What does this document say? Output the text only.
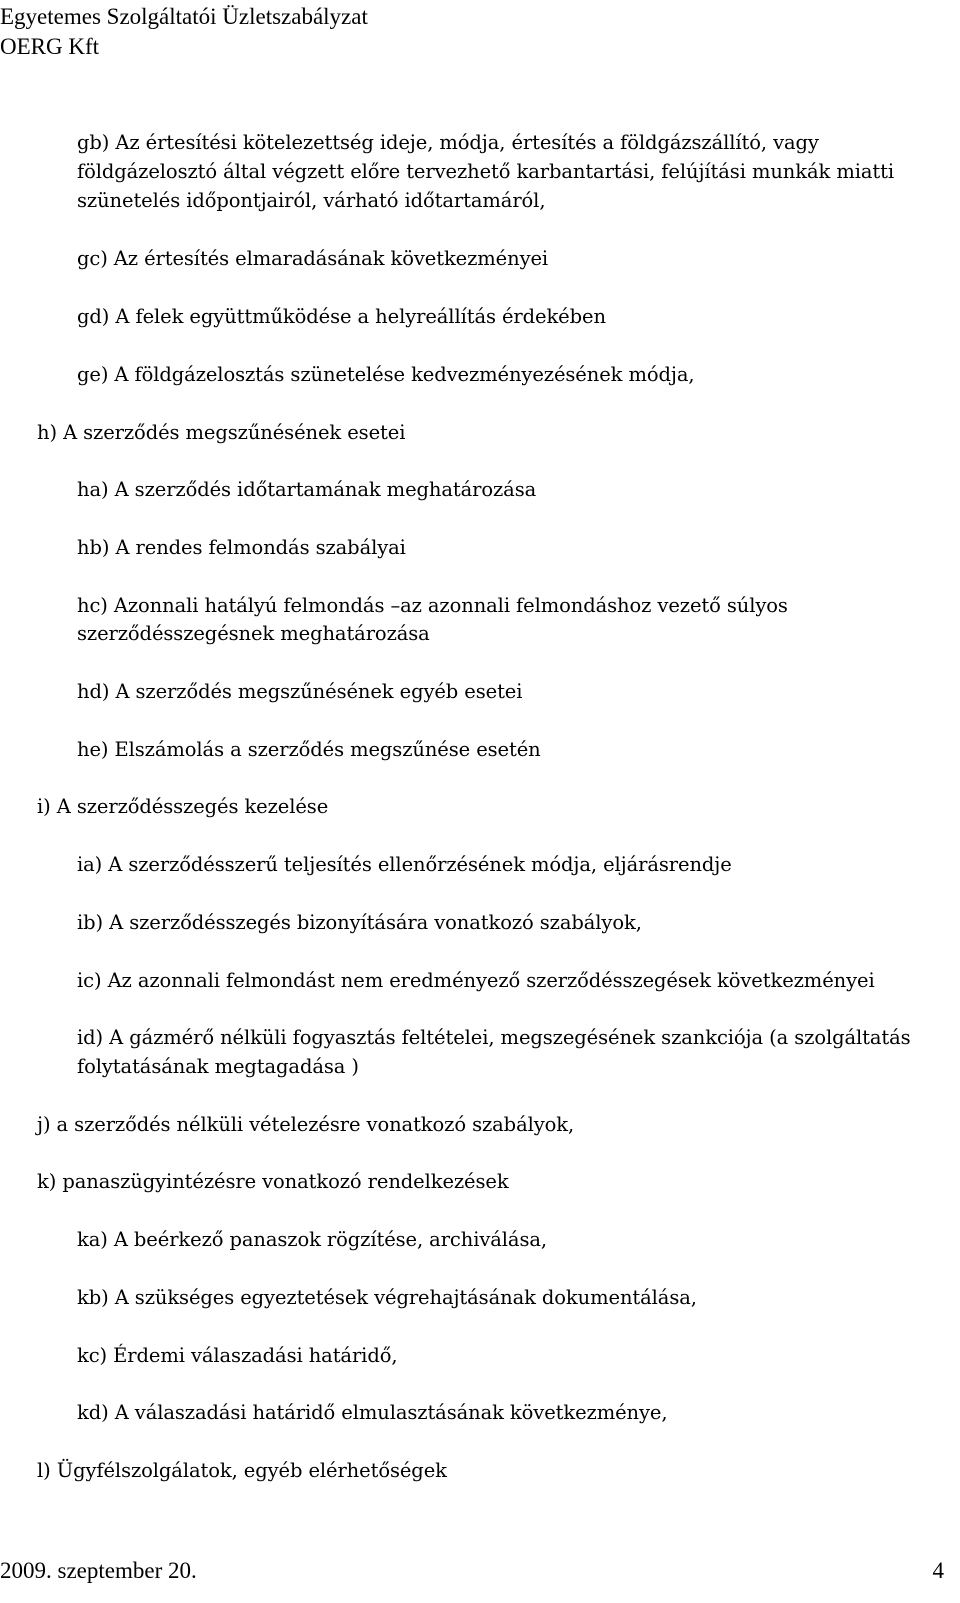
Egyetemes Szolgáltatói Üzletszabályzat
OERG Kft
gb) Az értesítési kötelezettség ideje, módja, értesítés a földgázszállító, vagy
földgázelosztó által végzett előre tervezhető karbantartási, felújítási munkák miatti
szünetelés időpontjairól, várható időtartamáról,
gc) Az értesítés elmaradásának következményei
gd) A felek együttműködése a helyreállítás érdekében
ge) A földgázelosztás szünetelése kedvezményezésének módja,
h) A szerződés megszűnésének esetei
ha) A szerződés időtartamának meghatározása
hb) A rendes felmondás szabályai
hc) Azonnali hatályú felmondás –az azonnali felmondáshoz vezető súlyos
szerződésszegésnek meghatározása
hd) A szerződés megszűnésének egyéb esetei
he) Elszámolás a szerződés megszűnése esetén
i) A szerződésszegés kezelése
ia) A szerződésszerű teljesítés ellenőrzésének módja, eljárásrendje
ib) A szerződésszegés bizonyítására vonatkozó szabályok,
ic) Az azonnali felmondást nem eredményező szerződésszegések következményei
id) A gázmérő nélküli fogyasztás feltételei, megszegésének szankciója (a szolgáltatás
folytatásának megtagadása )
j) a szerződés nélküli vételezésre vonatkozó szabályok,
k) panaszügyintézésre vonatkozó rendelkezések
ka) A beérkező panaszok rögzítése, archiválása,
kb) A szükséges egyeztetések végrehajtásának dokumentálása,
kc) Érdemi válaszadási határidő,
kd) A válaszadási határidő elmulasztásának következménye,
l) Ügyfélszolgálatok, egyéb elérhetőségek
2009. szeptember 20.	4
